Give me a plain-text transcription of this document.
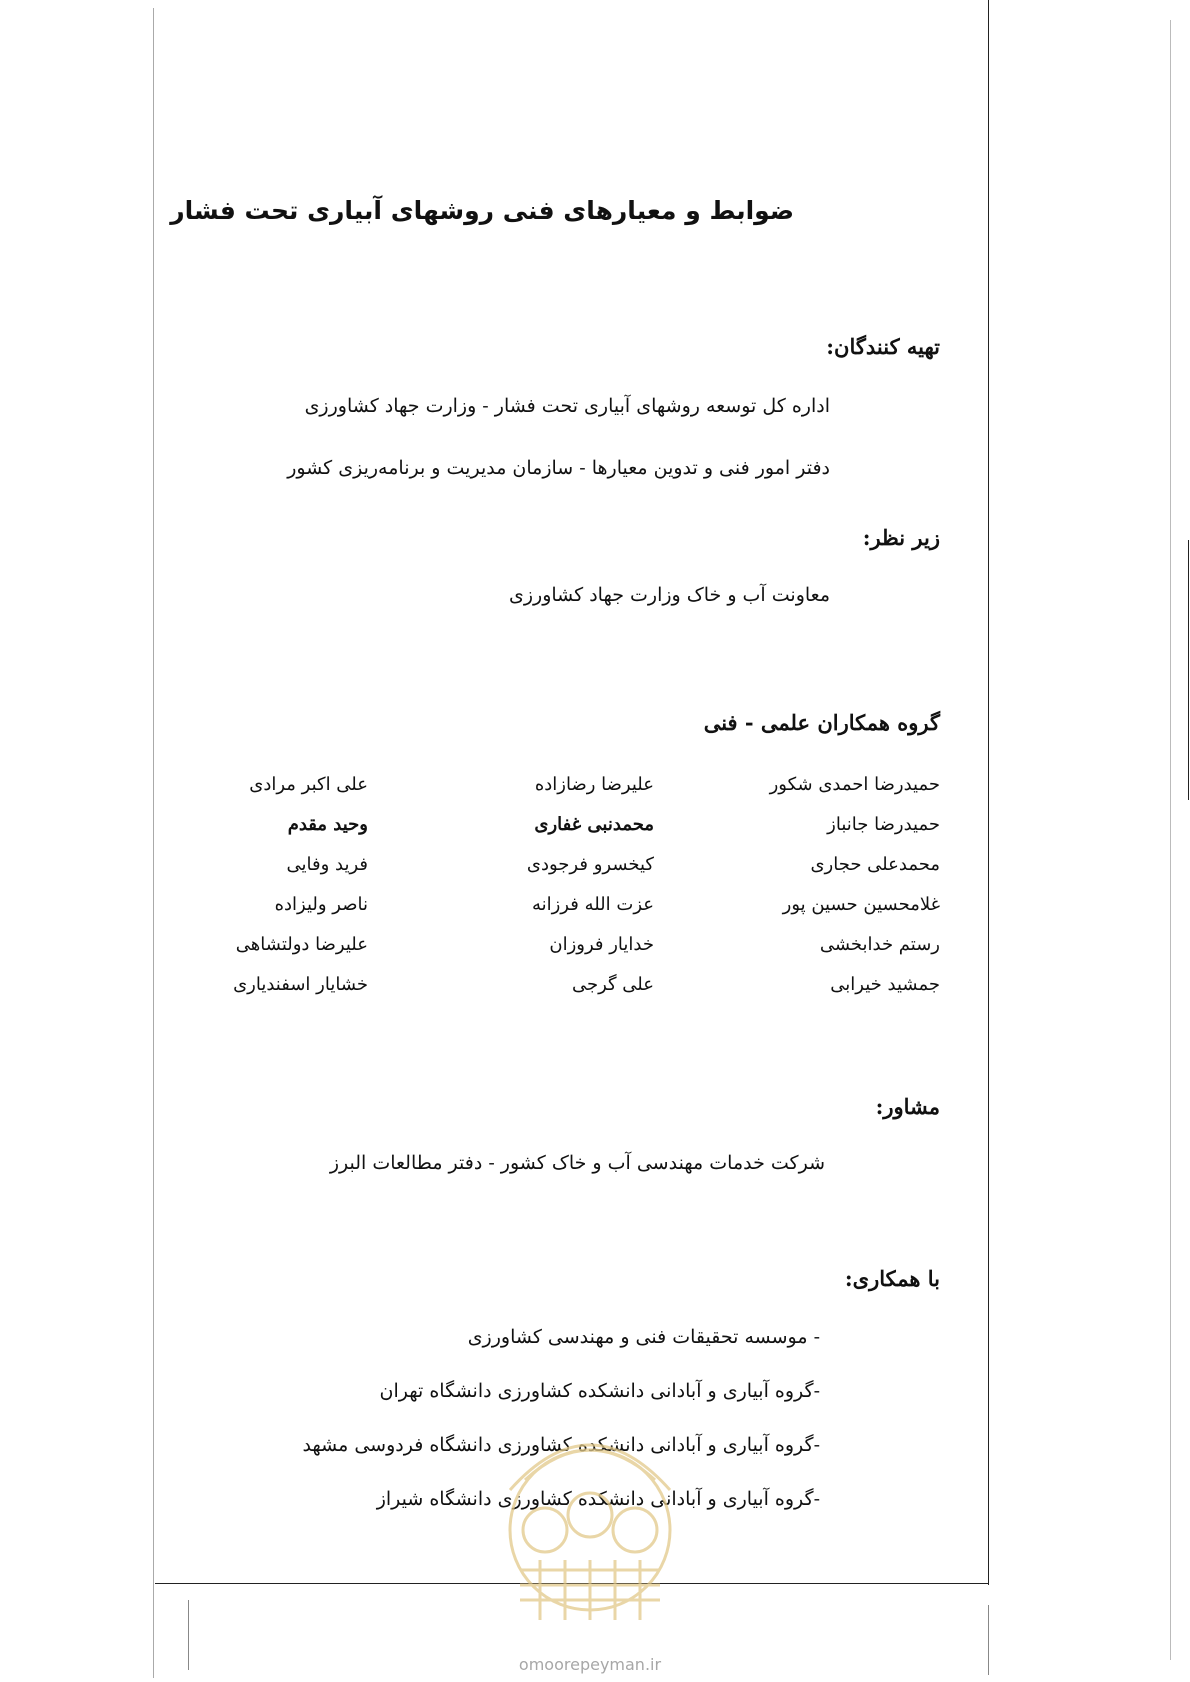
ضوابط و معیارهای فنی روشهای آبیاری تحت فشار
تهیه کنندگان:
اداره کل توسعه روشهای آبیاری تحت فشار - وزارت جهاد کشاورزی
دفتر امور فنی و تدوین معیارها - سازمان مدیریت و برنامه‌ریزی کشور
زیر نظر:
معاونت آب و خاک وزارت جهاد کشاورزی
گروه همکاران علمی - فنی
حمیدرضا احمدی شکور
حمیدرضا جانباز
محمدعلی حجاری
غلامحسین حسین پور
رستم خدابخشی
جمشید خیرابی
علیرضا رضازاده
محمدنبی غفاری
کیخسرو فرجودی
عزت الله فرزانه
خدایار فروزان
علی گرجی
علی اکبر مرادی
وحید مقدم
فرید وفایی
ناصر ولیزاده
علیرضا دولتشاهی
خشایار اسفندیاری
مشاور:
شرکت خدمات مهندسی آب و خاک کشور - دفتر مطالعات البرز
با همکاری:
- موسسه تحقیقات فنی و مهندسی کشاورزی
-گروه آبیاری و آبادانی دانشکده کشاورزی دانشگاه تهران
-گروه آبیاری و آبادانی دانشکده کشاورزی دانشگاه فردوسی مشهد
-گروه آبیاری و آبادانی دانشکده کشاورزی دانشگاه شیراز
omoorepeyman.ir
